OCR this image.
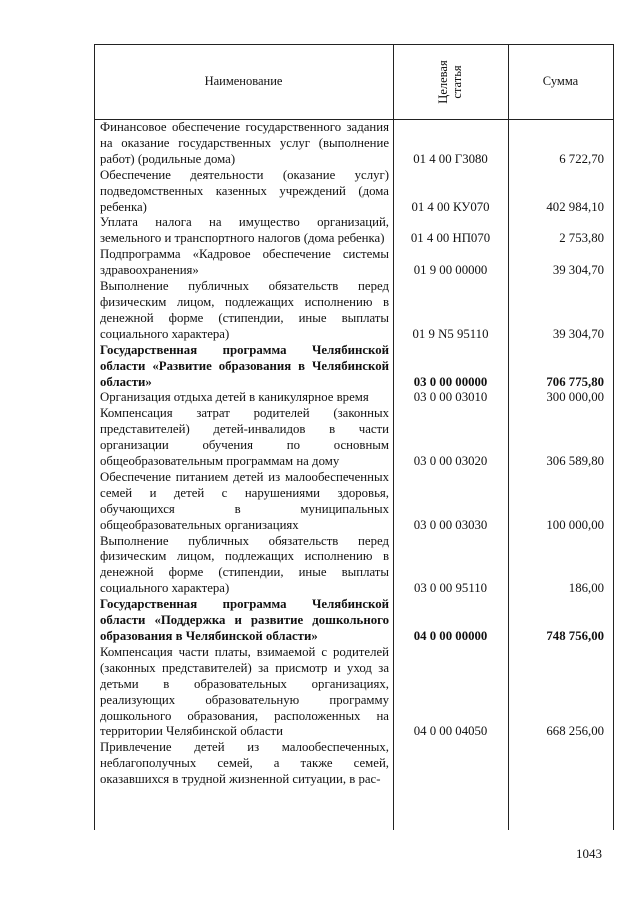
Наименование	Целевая статья	Сумма
Финансовое обеспечение государственного задания на оказание государственных услуг (выполнение работ) (родильные дома)	01 4 00 Г3080	6 722,70
Обеспечение деятельности (оказание услуг) подведомственных казенных учреждений (дома ребенка)	01 4 00 КУ070	402 984,10
Уплата налога на имущество организаций, земельного и транспортного налогов (дома ребенка)	01 4 00 НП070	2 753,80
Подпрограмма «Кадровое обеспечение системы здравоохранения»	01 9 00 00000	39 304,70
Выполнение публичных обязательств перед физическим лицом, подлежащих исполнению в денежной форме (стипендии, иные выплаты социального характера)	01 9 N5 95110	39 304,70
Государственная программа Челябинской области «Развитие образования в Челябинской области»	03 0 00 00000	706 775,80
Организация отдыха детей в каникулярное время	03 0 00 03010	300 000,00
Компенсация затрат родителей (законных представителей) детей-инвалидов в части организации обучения по основным общеобразовательным программам на дому	03 0 00 03020	306 589,80
Обеспечение питанием детей из малообеспеченных семей и детей с нарушениями здоровья, обучающихся в муниципальных общеобразовательных организациях	03 0 00 03030	100 000,00
Выполнение публичных обязательств перед физическим лицом, подлежащих исполнению в денежной форме (стипендии, иные выплаты социального характера)	03 0 00 95110	186,00
Государственная программа Челябинской области «Поддержка и развитие дошкольного образования в Челябинской области»	04 0 00 00000	748 756,00
Компенсация части платы, взимаемой с родителей (законных представителей) за присмотр и уход за детьми в образовательных организациях, реализующих образовательную программу дошкольного образования, расположенных на территории Челябинской области	04 0 00 04050	668 256,00
Привлечение детей из малообеспеченных, неблагополучных семей, а также семей, оказавшихся в трудной жизненной ситуации, в рас-
1043
